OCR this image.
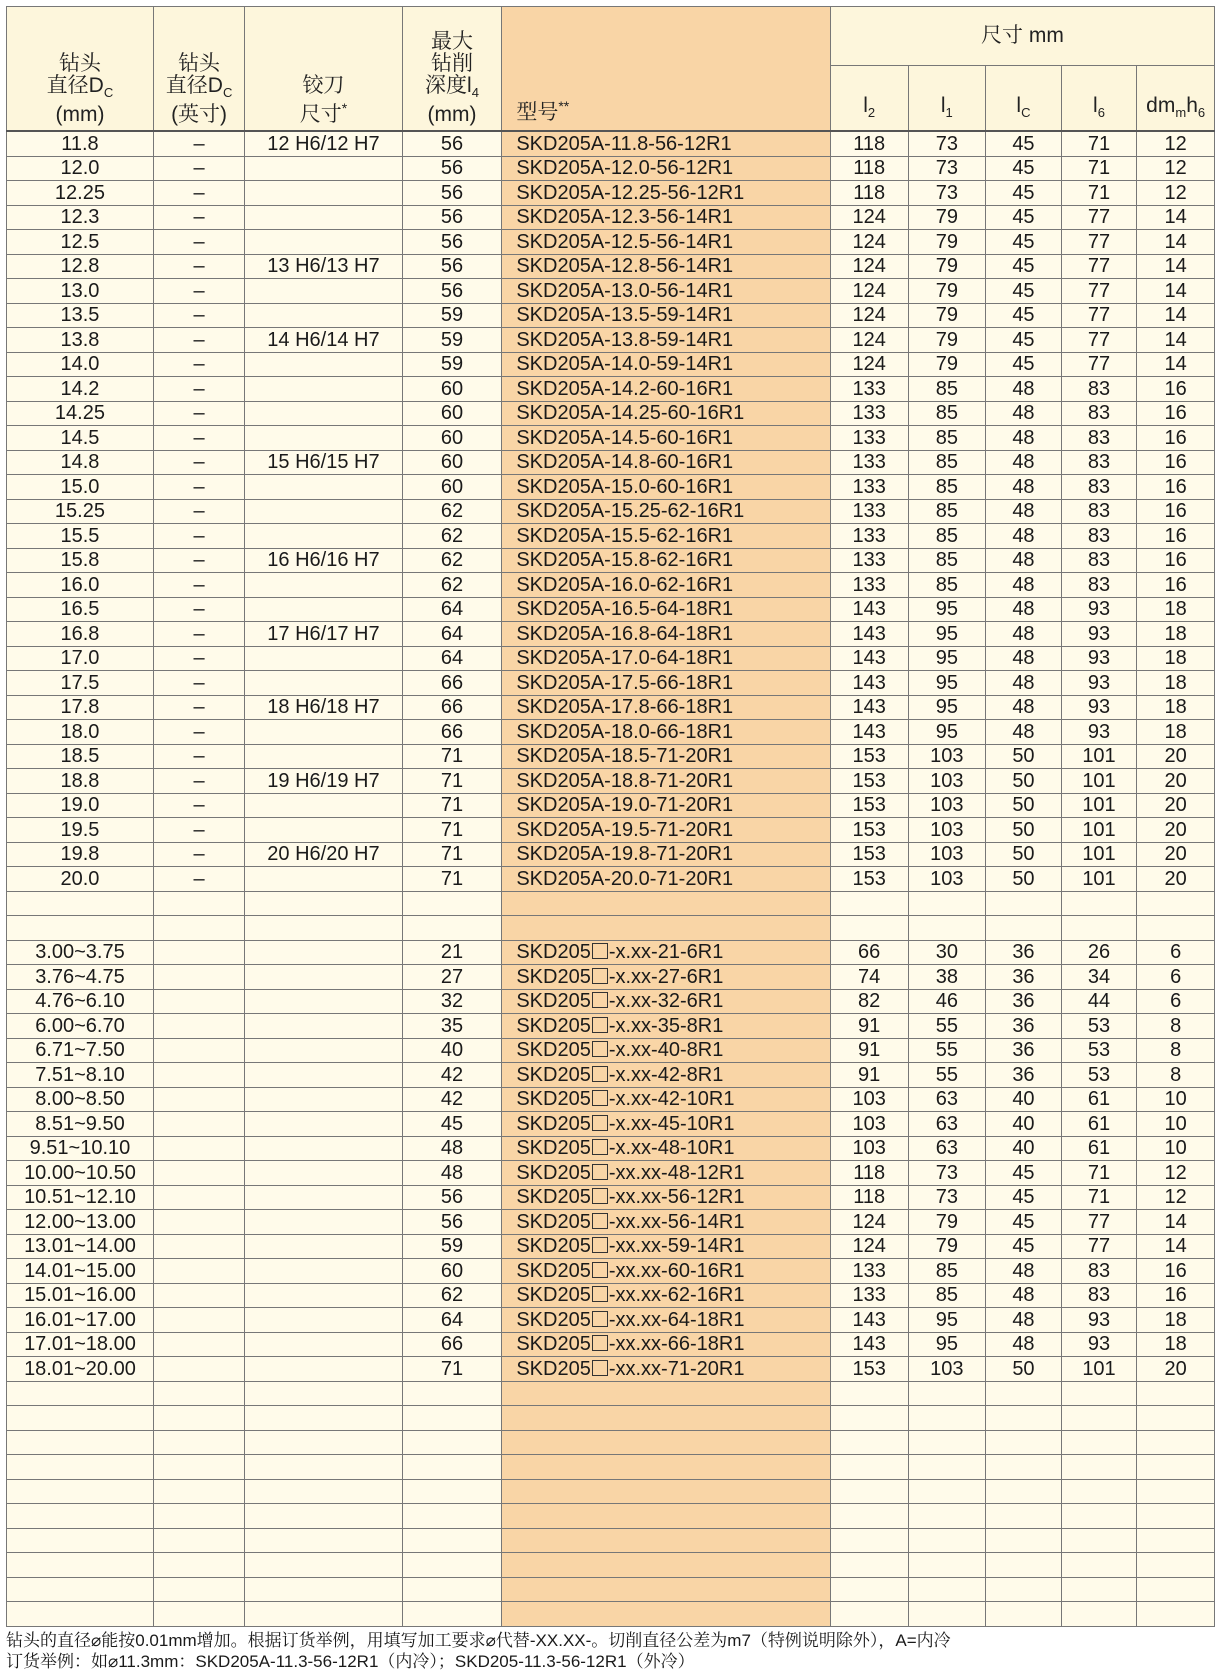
钻头
直径$D_C$
(mm)	钻头
直径$D_C$
(英寸)	铰刀
尺寸*	最大
钻削
深度$l_4$
(mm)	型号**	尺寸 mm				
					$l_2$	$l_1$	$l_C$	$l_6$	$dm_mh_6$
11.8	–	12 H6/12 H7	56	SKD205A-11.8-56-12R1	118	73	45	71	12
12.0	–		56	SKD205A-12.0-56-12R1	118	73	45	71	12
12.25	–		56	SKD205A-12.25-56-12R1	118	73	45	71	12
12.3	–		56	SKD205A-12.3-56-14R1	124	79	45	77	14
12.5	–		56	SKD205A-12.5-56-14R1	124	79	45	77	14
12.8	–	13 H6/13 H7	56	SKD205A-12.8-56-14R1	124	79	45	77	14
13.0	–		56	SKD205A-13.0-56-14R1	124	79	45	77	14
13.5	–		59	SKD205A-13.5-59-14R1	124	79	45	77	14
13.8	–	14 H6/14 H7	59	SKD205A-13.8-59-14R1	124	79	45	77	14
14.0	–		59	SKD205A-14.0-59-14R1	124	79	45	77	14
14.2	–		60	SKD205A-14.2-60-16R1	133	85	48	83	16
14.25	–		60	SKD205A-14.25-60-16R1	133	85	48	83	16
14.5	–		60	SKD205A-14.5-60-16R1	133	85	48	83	16
14.8	–	15 H6/15 H7	60	SKD205A-14.8-60-16R1	133	85	48	83	16
15.0	–		60	SKD205A-15.0-60-16R1	133	85	48	83	16
15.25	–		62	SKD205A-15.25-62-16R1	133	85	48	83	16
15.5	–		62	SKD205A-15.5-62-16R1	133	85	48	83	16
15.8	–	16 H6/16 H7	62	SKD205A-15.8-62-16R1	133	85	48	83	16
16.0	–		62	SKD205A-16.0-62-16R1	133	85	48	83	16
16.5	–		64	SKD205A-16.5-64-18R1	143	95	48	93	18
16.8	–	17 H6/17 H7	64	SKD205A-16.8-64-18R1	143	95	48	93	18
17.0	–		64	SKD205A-17.0-64-18R1	143	95	48	93	18
17.5	–		66	SKD205A-17.5-66-18R1	143	95	48	93	18
17.8	–	18 H6/18 H7	66	SKD205A-17.8-66-18R1	143	95	48	93	18
18.0	–		66	SKD205A-18.0-66-18R1	143	95	48	93	18
18.5	–		71	SKD205A-18.5-71-20R1	153	103	50	101	20
18.8	–	19 H6/19 H7	71	SKD205A-18.8-71-20R1	153	103	50	101	20
19.0	–		71	SKD205A-19.0-71-20R1	153	103	50	101	20
19.5	–		71	SKD205A-19.5-71-20R1	153	103	50	101	20
19.8	–	20 H6/20 H7	71	SKD205A-19.8-71-20R1	153	103	50	101	20
20.0	–		71	SKD205A-20.0-71-20R1	153	103	50	101	20

3.00~3.75			21	SKD205 -x.xx-21-6R1	66	30	36	26	6
3.76~4.75			27	SKD205 -x.xx-27-6R1	74	38	36	34	6
4.76~6.10			32	SKD205 -x.xx-32-6R1	82	46	36	44	6
6.00~6.70			35	SKD205 -x.xx-35-8R1	91	55	36	53	8
6.71~7.50			40	SKD205 -x.xx-40-8R1	91	55	36	53	8
7.51~8.10			42	SKD205 -x.xx-42-8R1	91	55	36	53	8
8.00~8.50			42	SKD205 -x.xx-42-10R1	103	63	40	61	10
8.51~9.50			45	SKD205 -x.xx-45-10R1	103	63	40	61	10
9.51~10.10			48	SKD205 -x.xx-48-10R1	103	63	40	61	10
10.00~10.50			48	SKD205 -xx.xx-48-12R1	118	73	45	71	12
10.51~12.10			56	SKD205 -xx.xx-56-12R1	118	73	45	71	12
12.00~13.00			56	SKD205 -xx.xx-56-14R1	124	79	45	77	14
13.01~14.00			59	SKD205 -xx.xx-59-14R1	124	79	45	77	14
14.01~15.00			60	SKD205 -xx.xx-60-16R1	133	85	48	83	16
15.01~16.00			62	SKD205 -xx.xx-62-16R1	133	85	48	83	16
16.01~17.00			64	SKD205 -xx.xx-64-18R1	143	95	48	93	18
17.01~18.00			66	SKD205 -xx.xx-66-18R1	143	95	48	93	18
18.01~20.00			71	SKD205 -xx.xx-71-20R1	153	103	50	101	20

钻头的直径⌀能按0.01mm增加。根据订货举例，用填写加工要求⌀代替-XX.XX-。切削直径公差为m7（特例说明除外），A=内冷
订货举例：如⌀11.3mm：SKD205A-11.3-56-12R1（内冷）；SKD205-11.3-56-12R1（外冷）
